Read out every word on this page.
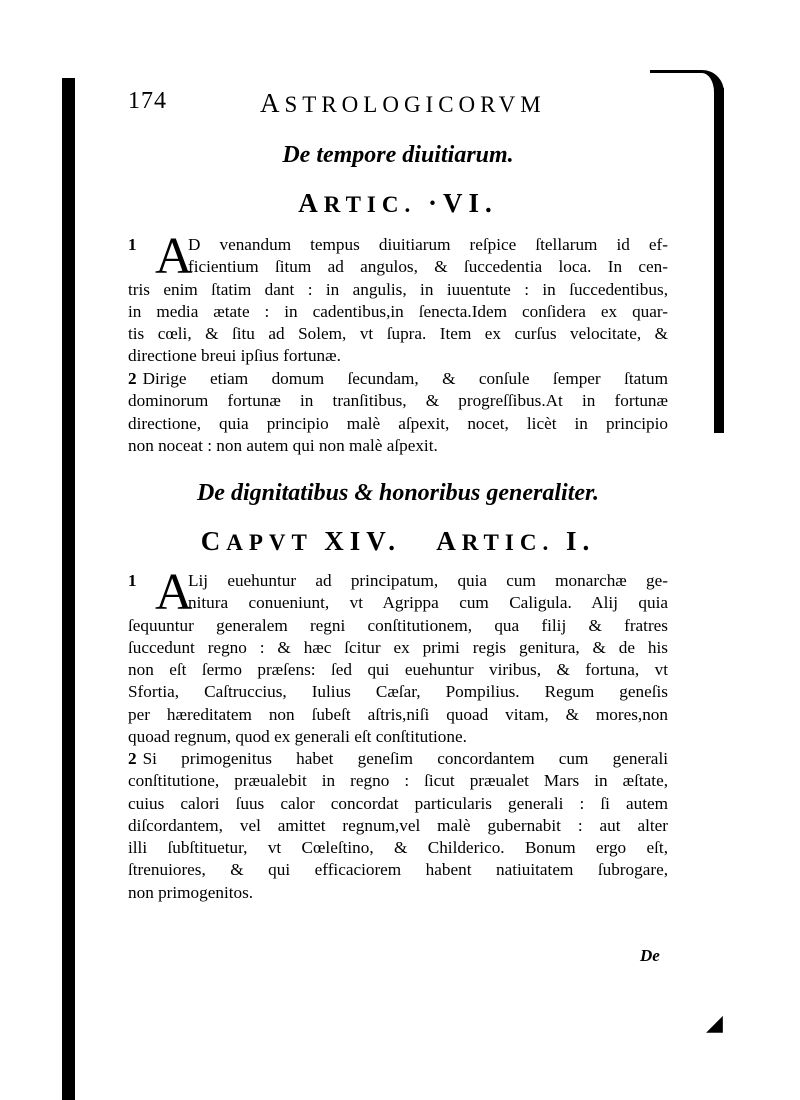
174	ASTROLOGICORVM
De tempore diuitiarum.
ARTIC. ·VI.
1 A
D venandum tempus diuitiarum reſpice ſtellarum id ef-
ficientium ſitum ad angulos, & ſuccedentia loca. In cen-
tris enim ſtatim dant : in angulis, in iuuentute : in ſuccedentibus,
in media ætate : in cadentibus,in ſenecta.Idem conſidera ex quar-
tis cœli, & ſitu ad Solem, vt ſupra. Item ex curſus velocitate, &
directione breui ipſius fortunæ.
2 Dirige etiam domum ſecundam, & conſule ſemper ſtatum
dominorum fortunæ in tranſitibus, & progreſſibus.At in fortunæ
directione, quia principio malè aſpexit, nocet, licèt in principio
non noceat : non autem qui non malè aſpexit.
De dignitatibus & honoribus generaliter.
CAPVT XIV. ARTIC. I.
1 A
Lij euehuntur ad principatum, quia cum monarchæ ge-
nitura conueniunt, vt Agrippa cum Caligula. Alij quia
ſequuntur generalem regni conſtitutionem, qua filij & fratres
ſuccedunt regno : & hæc ſcitur ex primi regis genitura, & de his
non eſt ſermo præſens: ſed qui euehuntur viribus, & fortuna, vt
Sfortia, Caſtruccius, Iulius Cæſar, Pompilius. Regum geneſis
per hæreditatem non ſubeſt aſtris,niſi quoad vitam, & mores,non
quoad regnum, quod ex generali eſt conſtitutione.
2 Si primogenitus habet geneſim concordantem cum generali
conſtitutione, præualebit in regno : ſicut præualet Mars in æſtate,
cuius calori ſuus calor concordat particularis generali : ſi autem
diſcordantem, vel amittet regnum,vel malè gubernabit : aut alter
illi ſubſtituetur, vt Cœleſtino, & Childerico. Bonum ergo eſt,
ſtrenuiores, & qui efficaciorem habent natiuitatem ſubrogare,
non primogenitos.
De
◢
